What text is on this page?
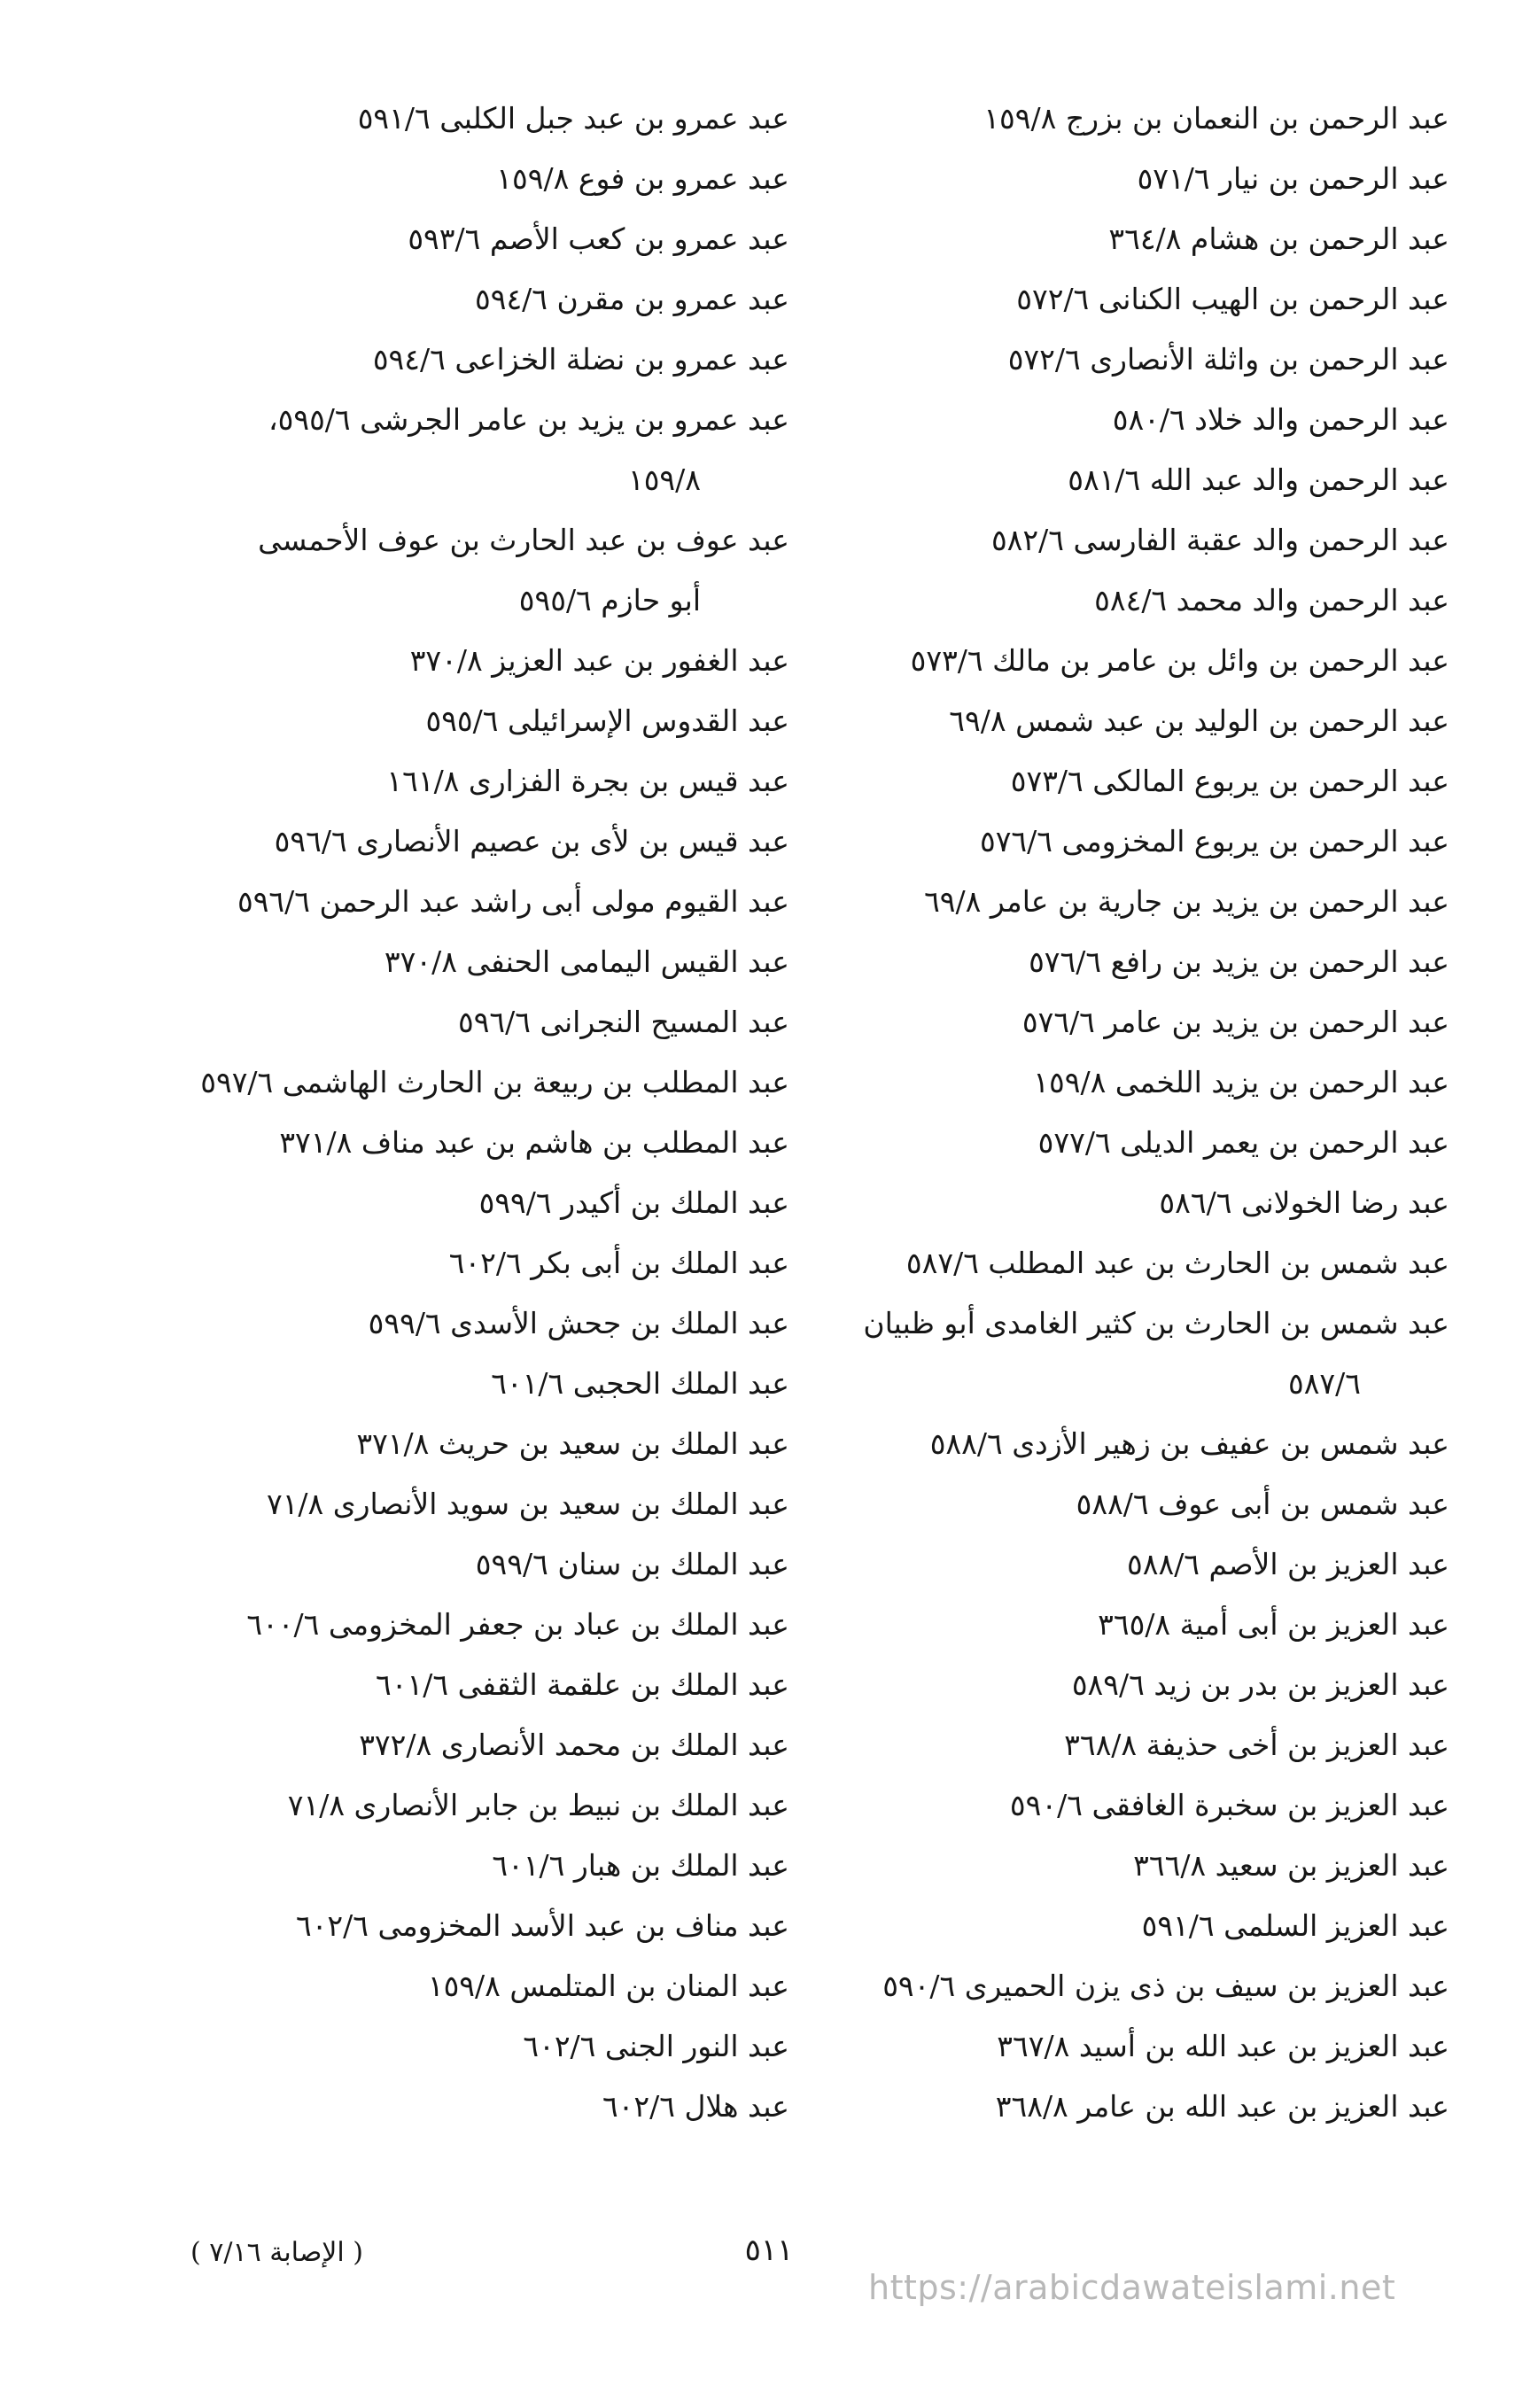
عبد الرحمن بن النعمان بن بزرج ١٥٩/٨
عبد الرحمن بن نيار ٥٧١/٦
عبد الرحمن بن هشام ٣٦٤/٨
عبد الرحمن بن الهيب الكنانى ٥٧٢/٦
عبد الرحمن بن واثلة الأنصارى ٥٧٢/٦
عبد الرحمن والد خلاد ٥٨٠/٦
عبد الرحمن والد عبد الله ٥٨١/٦
عبد الرحمن والد عقبة الفارسى ٥٨٢/٦
عبد الرحمن والد محمد ٥٨٤/٦
عبد الرحمن بن وائل بن عامر بن مالك ٥٧٣/٦
عبد الرحمن بن الوليد بن عبد شمس ٦٩/٨
عبد الرحمن بن يربوع المالكى ٥٧٣/٦
عبد الرحمن بن يربوع المخزومى ٥٧٦/٦
عبد الرحمن بن يزيد بن جارية بن عامر ٦٩/٨
عبد الرحمن بن يزيد بن رافع ٥٧٦/٦
عبد الرحمن بن يزيد بن عامر ٥٧٦/٦
عبد الرحمن بن يزيد اللخمى ١٥٩/٨
عبد الرحمن بن يعمر الديلى ٥٧٧/٦
عبد رضا الخولانى ٥٨٦/٦
عبد شمس بن الحارث بن عبد المطلب ٥٨٧/٦
عبد شمس بن الحارث بن كثير الغامدى أبو ظبيان
٥٨٧/٦
عبد شمس بن عفيف بن زهير الأزدى ٥٨٨/٦
عبد شمس بن أبى عوف ٥٨٨/٦
عبد العزيز بن الأصم ٥٨٨/٦
عبد العزيز بن أبى أمية ٣٦٥/٨
عبد العزيز بن بدر بن زيد ٥٨٩/٦
عبد العزيز بن أخى حذيفة ٣٦٨/٨
عبد العزيز بن سخبرة الغافقى ٥٩٠/٦
عبد العزيز بن سعيد ٣٦٦/٨
عبد العزيز السلمى ٥٩١/٦
عبد العزيز بن سيف بن ذى يزن الحميرى ٥٩٠/٦
عبد العزيز بن عبد الله بن أسيد ٣٦٧/٨
عبد العزيز بن عبد الله بن عامر ٣٦٨/٨
عبد عمرو بن عبد جبل الكلبى ٥٩١/٦
عبد عمرو بن فوع ١٥٩/٨
عبد عمرو بن كعب الأصم ٥٩٣/٦
عبد عمرو بن مقرن ٥٩٤/٦
عبد عمرو بن نضلة الخزاعى ٥٩٤/٦
عبد عمرو بن يزيد بن عامر الجرشى ٥٩٥/٦،
١٥٩/٨
عبد عوف بن عبد الحارث بن عوف الأحمسى
أبو حازم ٥٩٥/٦
عبد الغفور بن عبد العزيز ٣٧٠/٨
عبد القدوس الإسرائيلى ٥٩٥/٦
عبد قيس بن بجرة الفزارى ١٦١/٨
عبد قيس بن لأى بن عصيم الأنصارى ٥٩٦/٦
عبد القيوم مولى أبى راشد عبد الرحمن ٥٩٦/٦
عبد القيس اليمامى الحنفى ٣٧٠/٨
عبد المسيح النجرانى ٥٩٦/٦
عبد المطلب بن ربيعة بن الحارث الهاشمى ٥٩٧/٦
عبد المطلب بن هاشم بن عبد مناف ٣٧١/٨
عبد الملك بن أكيدر ٥٩٩/٦
عبد الملك بن أبى بكر ٦٠٢/٦
عبد الملك بن جحش الأسدى ٥٩٩/٦
عبد الملك الحجبى ٦٠١/٦
عبد الملك بن سعيد بن حريث ٣٧١/٨
عبد الملك بن سعيد بن سويد الأنصارى ٧١/٨
عبد الملك بن سنان ٥٩٩/٦
عبد الملك بن عباد بن جعفر المخزومى ٦٠٠/٦
عبد الملك بن علقمة الثقفى ٦٠١/٦
عبد الملك بن محمد الأنصارى ٣٧٢/٨
عبد الملك بن نبيط بن جابر الأنصارى ٧١/٨
عبد الملك بن هبار ٦٠١/٦
عبد مناف بن عبد الأسد المخزومى ٦٠٢/٦
عبد المنان بن المتلمس ١٥٩/٨
عبد النور الجنى ٦٠٢/٦
عبد هلال ٦٠٢/٦
٥١١
( الإصابة ٧/١٦ )
https://arabicdawateislami.net
